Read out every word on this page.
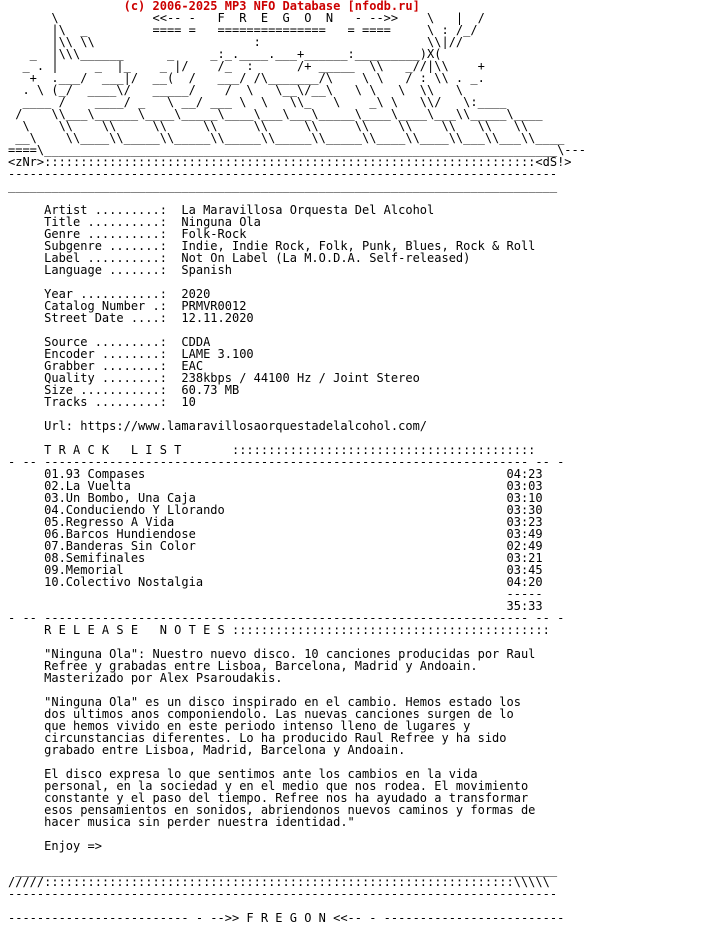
(c) 2006-2025 MP3 NFO Database [nfodb.ru]
\             <<-- -   F  R  E  G  O  N   - -->>    \   |  /
|\  _         ==== =   ===============   = ====     \ : /_/
|\\ \\                      :                       \\|//
_  |\\\______      _     _:_.____.___+______:_________)X(
_ . |     _  |_    _ |/    /_  :      /+ _____  \\   _//|\\    +
+  .___/  ___|/  __(  /   ___/ /\_______/\    \ \   / : \\ . _.
. \ (_/  ____\/   _____/    /  \   \__\/__\   \ \   \  \\   \
____ /    ____/ _   \ __/ ___ \  \   \\_   \    _\ \   \\/   \:____
/    \\___\______\____\_____\____\___\___\_____\____\____\___\\_____\____
\    \\    \\     \\     \\     \\     \\     \\    \\    \\   \\   \\
__\    \\____\\_____\\_____\\_____\\_____\\_____\\____\\____\\___\\___\\____
====\_______________________________________________________________________\---
<zNr>::::::::::::::::::::::::::::::::::::::::::::::::::::::::::::::::::::<dS!>
----------------------------------------------------------------------------
____________________________________________________________________________
Artist .........:  La Maravillosa Orquesta Del Alcohol
Title ..........:  Ninguna Ola
Genre ..........:  Folk-Rock
Subgenre .......:  Indie, Indie Rock, Folk, Punk, Blues, Rock & Roll
Label ..........:  Not On Label (La M.O.D.A. Self-released)
Language .......:  Spanish
Year ...........:  2020
Catalog Number .:  PRMVR0012
Street Date ....:  12.11.2020
Source .........:  CDDA
Encoder ........:  LAME 3.100
Grabber ........:  EAC
Quality ........:  238kbps / 44100 Hz / Joint Stereo
Size ...........:  60.73 MB
Tracks .........:  10
Url: https://www.lamaravillosaorquestadelalcohol.com/
T R A C K   L I S T       ::::::::::::::::::::::::::::::::::::::::::
- -- ------------------------------------------------------------------- -- -
01.93 Compases                                                  04:23
02.La Vuelta                                                    03:03
03.Un Bombo, Una Caja                                           03:10
04.Conduciendo Y Llorando                                       03:30
05.Regresso A Vida                                              03:23
06.Barcos Hundiendose                                           03:49
07.Banderas Sin Color                                           02:49
08.Semifinales                                                  03:21
09.Memorial                                                     03:45
10.Colectivo Nostalgia                                          04:20
-----
35:33
- -- ------------------------------------------------------------------- -- -
R E L E A S E   N O T E S ::::::::::::::::::::::::::::::::::::::::::::
"Ninguna Ola": Nuestro nuevo disco. 10 canciones producidas por Raul
Refree y grabadas entre Lisboa, Barcelona, Madrid y Andoain.
Masterizado por Alex Psaroudakis.
"Ninguna Ola" es un disco inspirado en el cambio. Hemos estado los
dos ultimos anos componiendolo. Las nuevas canciones surgen de lo
que hemos vivido en este periodo intenso lleno de lugares y
circunstancias diferentes. Lo ha producido Raul Refree y ha sido
grabado entre Lisboa, Madrid, Barcelona y Andoain.
El disco expresa lo que sentimos ante los cambios en la vida
personal, en la sociedad y en el medio que nos rodea. El movimiento
constante y el paso del tiempo. Refree nos ha ayudado a transformar
esos pensamientos en sonidos, abriendonos nuevos caminos y formas de
hacer musica sin perder nuestra identidad."
Enjoy =>
___________________________________________________________________________
/////:::::::::::::::::::::::::::::::::::::::::::::::::::::::::::::::::\\\\\
----------------------------------------------------------------------------
------------------------- - -->> F R E G O N <<-- - -------------------------
